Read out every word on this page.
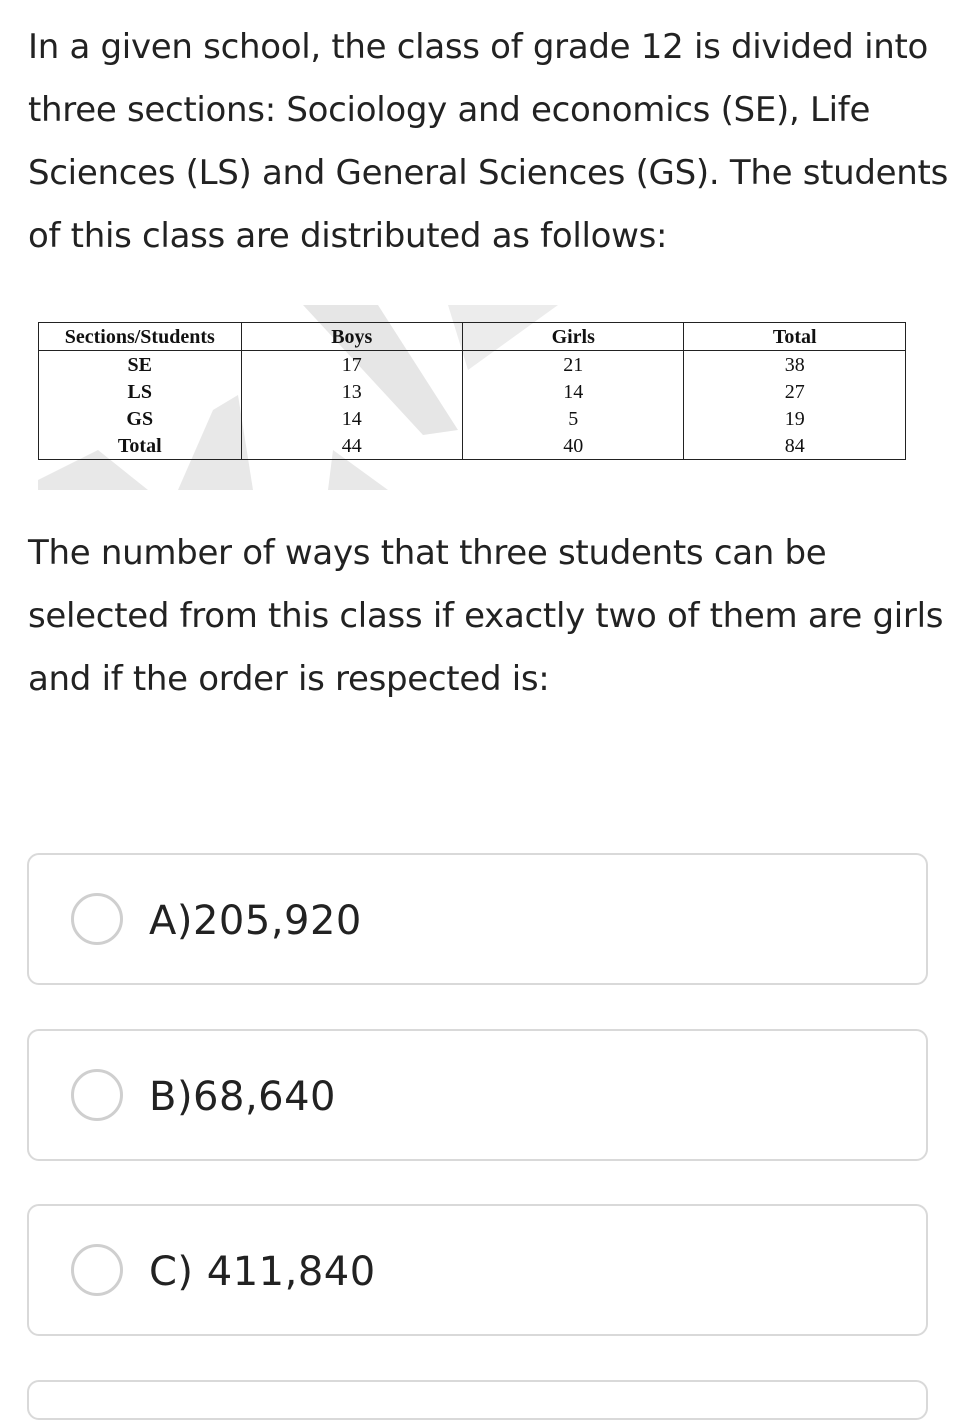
In a given school, the class of grade 12 is divided into three sections: Sociology and economics (SE), Life Sciences (LS) and General Sciences (GS). The students of this class are distributed as follows:

Sections/Students	Boys	Girls	Total
SE	17	21	38
LS	13	14	27
GS	14	5	19
Total	44	40	84

The number of ways that three students can be selected from this class if exactly two of them are girls and if the order is respected is:

A)205,920
B)68,640
C) 411,840
